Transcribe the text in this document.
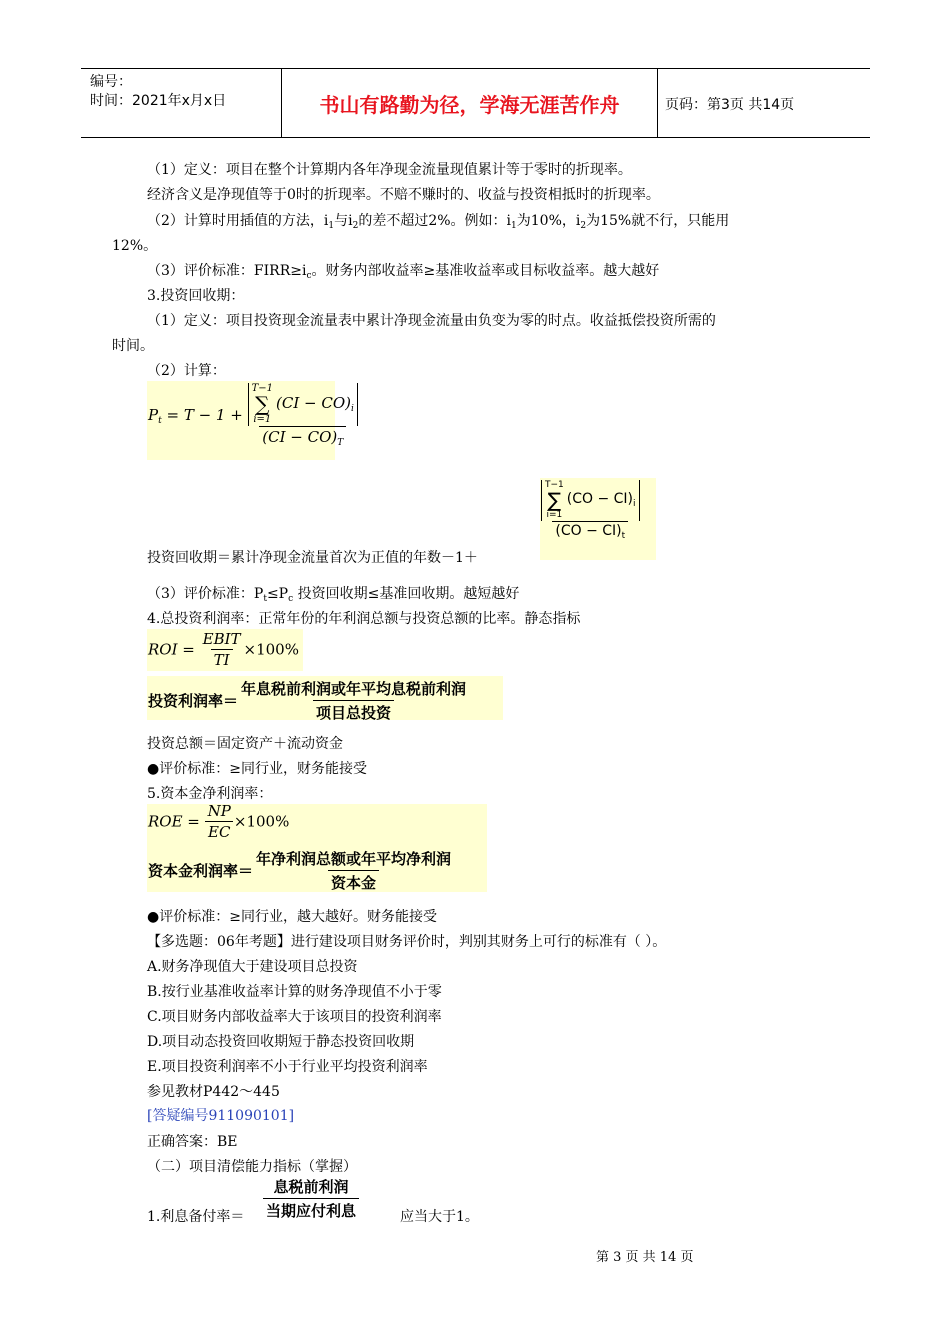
编号：
时间：2021年x月x日	书山有路勤为径，学海无涯苦作舟	页码：第3页 共14页
（1）定义：项目在整个计算期内各年净现金流量现值累计等于零时的折现率。
经济含义是净现值等于0时的折现率。不赔不赚时的、收益与投资相抵时的折现率。
（2）计算时用插值的方法，$i_1$与$i_2$的差不超过2%。例如：$i_1$为10%，$i_2$为15%就不行，只能用
12%。
（3）评价标准：$FIRR\ge i_c$。财务内部收益率≥基准收益率或目标收益率。越大越好
3.投资回收期：
（1）定义：项目投资现金流量表中累计净现金流量由负变为零的时点。收益抵偿投资所需的
时间。
（2）计算：
$P_t = T - 1 + T-1$
∑
i=1
$(CI - CO)_i$
$(CI - CO)_T$
T−1
∑
i=1
$(CO - CI)_i$
$(CO - CI)_t$
投资回收期＝累计净现金流量首次为正值的年数－1＋
（3）评价标准：$P_t\le P_c$ 投资回收期≤基准回收期。越短越好
4.总投资利润率：正常年份的年利润总额与投资总额的比率。静态指标
ROI = $\frac{\text{EBIT}}{TI} \times 100\%$
投资利润率＝ $\frac{\text{年息税前利润或年平均息税前利润}}{\text{项目总投资}}$
投资总额＝固定资产＋流动资金
●评价标准：≥同行业，财务能接受
5.资本金净利润率：
ROE = $\frac{NP}{EC} \times 100\%$
资本金利润率＝ $\frac{\text{年净利润总额或年平均净利润}}{\text{资本金}}$
●评价标准：≥同行业，越大越好。财务能接受
【多选题：06年考题】进行建设项目财务评价时，判别其财务上可行的标准有（ ）。
A.财务净现值大于建设项目总投资
B.按行业基准收益率计算的财务净现值不小于零
C.项目财务内部收益率大于该项目的投资利润率
D.项目动态投资回收期短于静态投资回收期
E.项目投资利润率不小于行业平均投资利润率
参见教材P442～445
[答疑编号911090101]
正确答案：BE
（二）项目清偿能力指标（掌握）
1.利息备付率＝ $\frac{\text{息税前利润}}{\text{当期应付利息}}$	应当大于1。
第 3 页 共 14 页
